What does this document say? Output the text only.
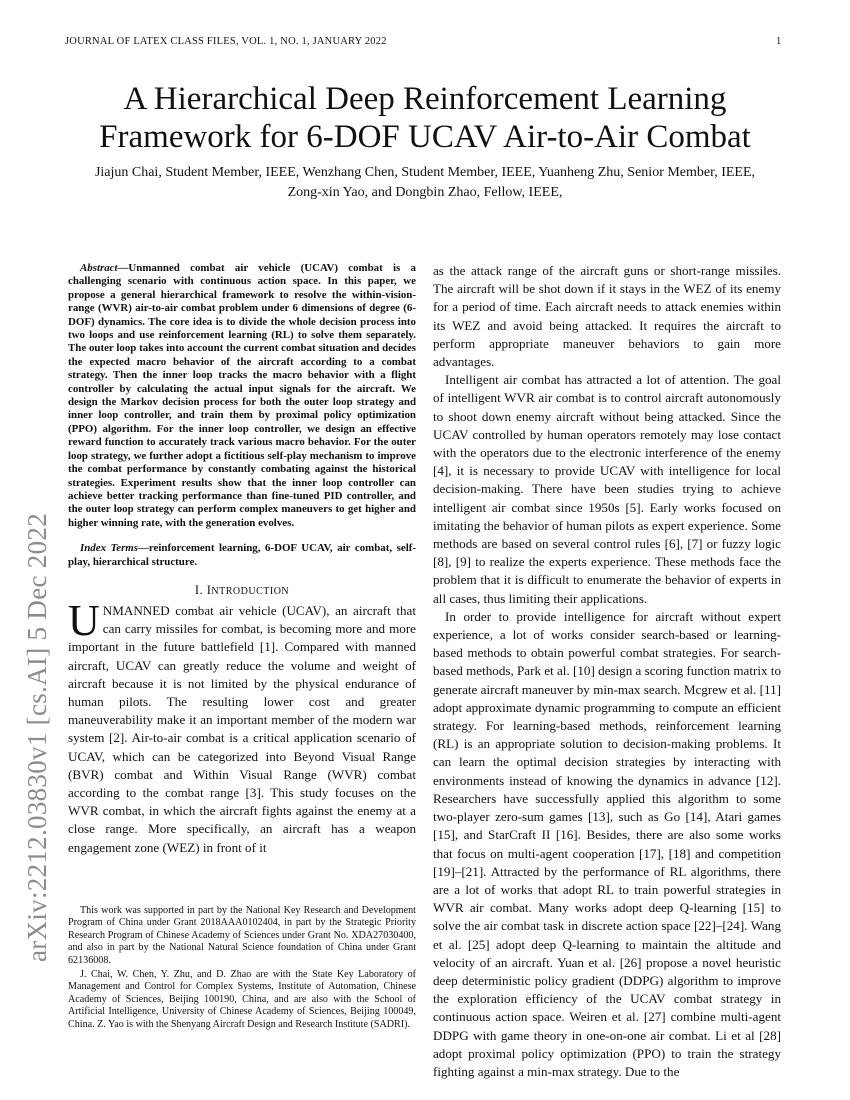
JOURNAL OF LATEX CLASS FILES, VOL. 1, NO. 1, JANUARY 2022	1
arXiv:2212.03830v1 [cs.AI] 5 Dec 2022
A Hierarchical Deep Reinforcement Learning Framework for 6-DOF UCAV Air-to-Air Combat
Jiajun Chai, Student Member, IEEE, Wenzhang Chen, Student Member, IEEE, Yuanheng Zhu, Senior Member, IEEE, Zong-xin Yao, and Dongbin Zhao, Fellow, IEEE,

Abstract—Unmanned combat air vehicle (UCAV) combat is a challenging scenario with continuous action space. In this paper, we propose a general hierarchical framework to resolve the within-vision-range (WVR) air-to-air combat problem under 6 dimensions of degree (6-DOF) dynamics. The core idea is to divide the whole decision process into two loops and use reinforcement learning (RL) to solve them separately. The outer loop takes into account the current combat situation and decides the expected macro behavior of the aircraft according to a combat strategy. Then the inner loop tracks the macro behavior with a flight controller by calculating the actual input signals for the aircraft. We design the Markov decision process for both the outer loop strategy and inner loop controller, and train them by proximal policy optimization (PPO) algorithm. For the inner loop controller, we design an effective reward function to accurately track various macro behavior. For the outer loop strategy, we further adopt a fictitious self-play mechanism to improve the combat performance by constantly combating against the historical strategies. Experiment results show that the inner loop controller can achieve better tracking performance than fine-tuned PID controller, and the outer loop strategy can perform complex maneuvers to get higher and higher winning rate, with the generation evolves.

Index Terms—reinforcement learning, 6-DOF UCAV, air combat, self-play, hierarchical structure.

I. INTRODUCTION

UNMANNED combat air vehicle (UCAV), an aircraft that can carry missiles for combat, is becoming more and more important in the future battlefield [1]. Compared with manned aircraft, UCAV can greatly reduce the volume and weight of aircraft because it is not limited by the physical endurance of human pilots. The resulting lower cost and greater maneuverability make it an important member of the modern war system [2]. Air-to-air combat is a critical application scenario of UCAV, which can be categorized into Beyond Visual Range (BVR) combat and Within Visual Range (WVR) combat according to the combat range [3]. This study focuses on the WVR combat, in which the aircraft fights against the enemy at a close range. More specifically, an aircraft has a weapon engagement zone (WEZ) in front of it

This work was supported in part by the National Key Research and Development Program of China under Grant 2018AAA0102404, in part by the Strategic Priority Research Program of Chinese Academy of Sciences under Grant No. XDA27030400, and also in part by the National Natural Science foundation of China under Grant 62136008.

J. Chai, W. Chen, Y. Zhu, and D. Zhao are with the State Key Laboratory of Management and Control for Complex Systems, Institute of Automation, Chinese Academy of Sciences, Beijing 100190, China, and are also with the School of Artificial Intelligence, University of Chinese Academy of Sciences, Beijing 100049, China. Z. Yao is with the Shenyang Aircraft Design and Research Institute (SADRI).

as the attack range of the aircraft guns or short-range missiles. The aircraft will be shot down if it stays in the WEZ of its enemy for a period of time. Each aircraft needs to attack enemies within its WEZ and avoid being attacked. It requires the aircraft to perform appropriate maneuver behaviors to gain more advantages.

Intelligent air combat has attracted a lot of attention. The goal of intelligent WVR air combat is to control aircraft autonomously to shoot down enemy aircraft without being attacked. Since the UCAV controlled by human operators remotely may lose contact with the operators due to the electronic interference of the enemy [4], it is necessary to provide UCAV with intelligence for local decision-making. There have been studies trying to achieve intelligent air combat since 1950s [5]. Early works focused on imitating the behavior of human pilots as expert experience. Some methods are based on several control rules [6], [7] or fuzzy logic [8], [9] to realize the experts experience. These methods face the problem that it is difficult to enumerate the behavior of experts in all cases, thus limiting their applications.

In order to provide intelligence for aircraft without expert experience, a lot of works consider search-based or learning-based methods to obtain powerful combat strategies. For search-based methods, Park et al. [10] design a scoring function matrix to generate aircraft maneuver by min-max search. Mcgrew et al. [11] adopt approximate dynamic programming to compute an efficient strategy. For learning-based methods, reinforcement learning (RL) is an appropriate solution to decision-making problems. It can learn the optimal decision strategies by interacting with environments instead of knowing the dynamics in advance [12]. Researchers have successfully applied this algorithm to some two-player zero-sum games [13], such as Go [14], Atari games [15], and StarCraft II [16]. Besides, there are also some works that focus on multi-agent cooperation [17], [18] and competition [19]–[21]. Attracted by the performance of RL algorithms, there are a lot of works that adopt RL to train powerful strategies in WVR air combat. Many works adopt deep Q-learning [15] to solve the air combat task in discrete action space [22]–[24]. Wang et al. [25] adopt deep Q-learning to maintain the altitude and velocity of an aircraft. Yuan et al. [26] propose a novel heuristic deep deterministic policy gradient (DDPG) algorithm to improve the exploration efficiency of the UCAV combat strategy in continuous action space. Weiren et al. [27] combine multi-agent DDPG with game theory in one-on-one air combat. Li et al [28] adopt proximal policy optimization (PPO) to train the strategy fighting against a min-max strategy. Due to the
